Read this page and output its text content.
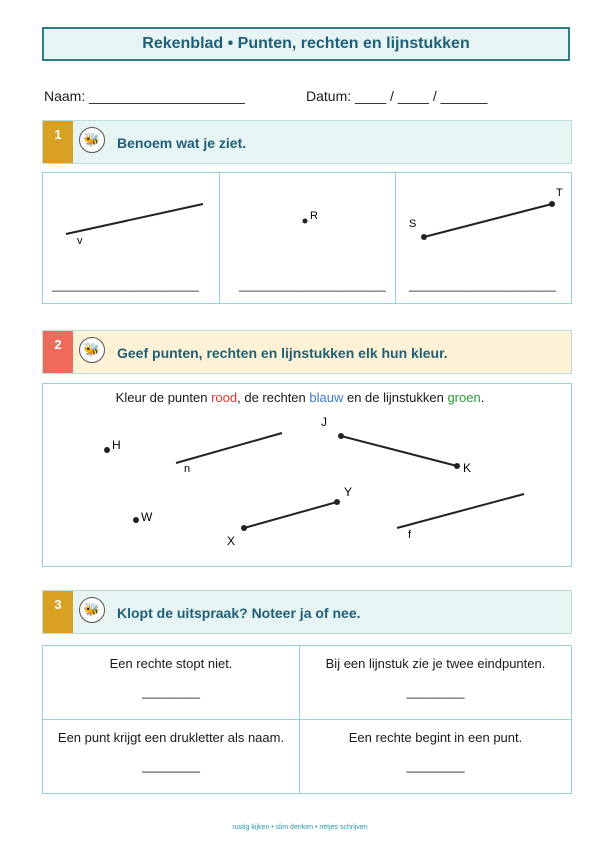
Rekenblad • Punten, rechten en lijnstukken
Naam: ____________________	Datum: ____ / ____ / ______
1	🐝	Benoem wat je ziet.
v
R
S
T
______________________	______________________ ______________________
2	🐝	Geef punten, rechten en lijnstukken elk hun kleur.
Kleur de punten rood, de rechten blauw en de lijnstukken groen.
H
n
J
K
W
X
Y
f
3	🐝	Klopt de uitspraak? Noteer ja of nee.
Een rechte stopt niet.
________
Bij een lijnstuk zie je twee eindpunten.
________
Een punt krijgt een drukletter als naam.
________
Een rechte begint in een punt.
________
rustig kijken • slim denken • netjes schrijven
